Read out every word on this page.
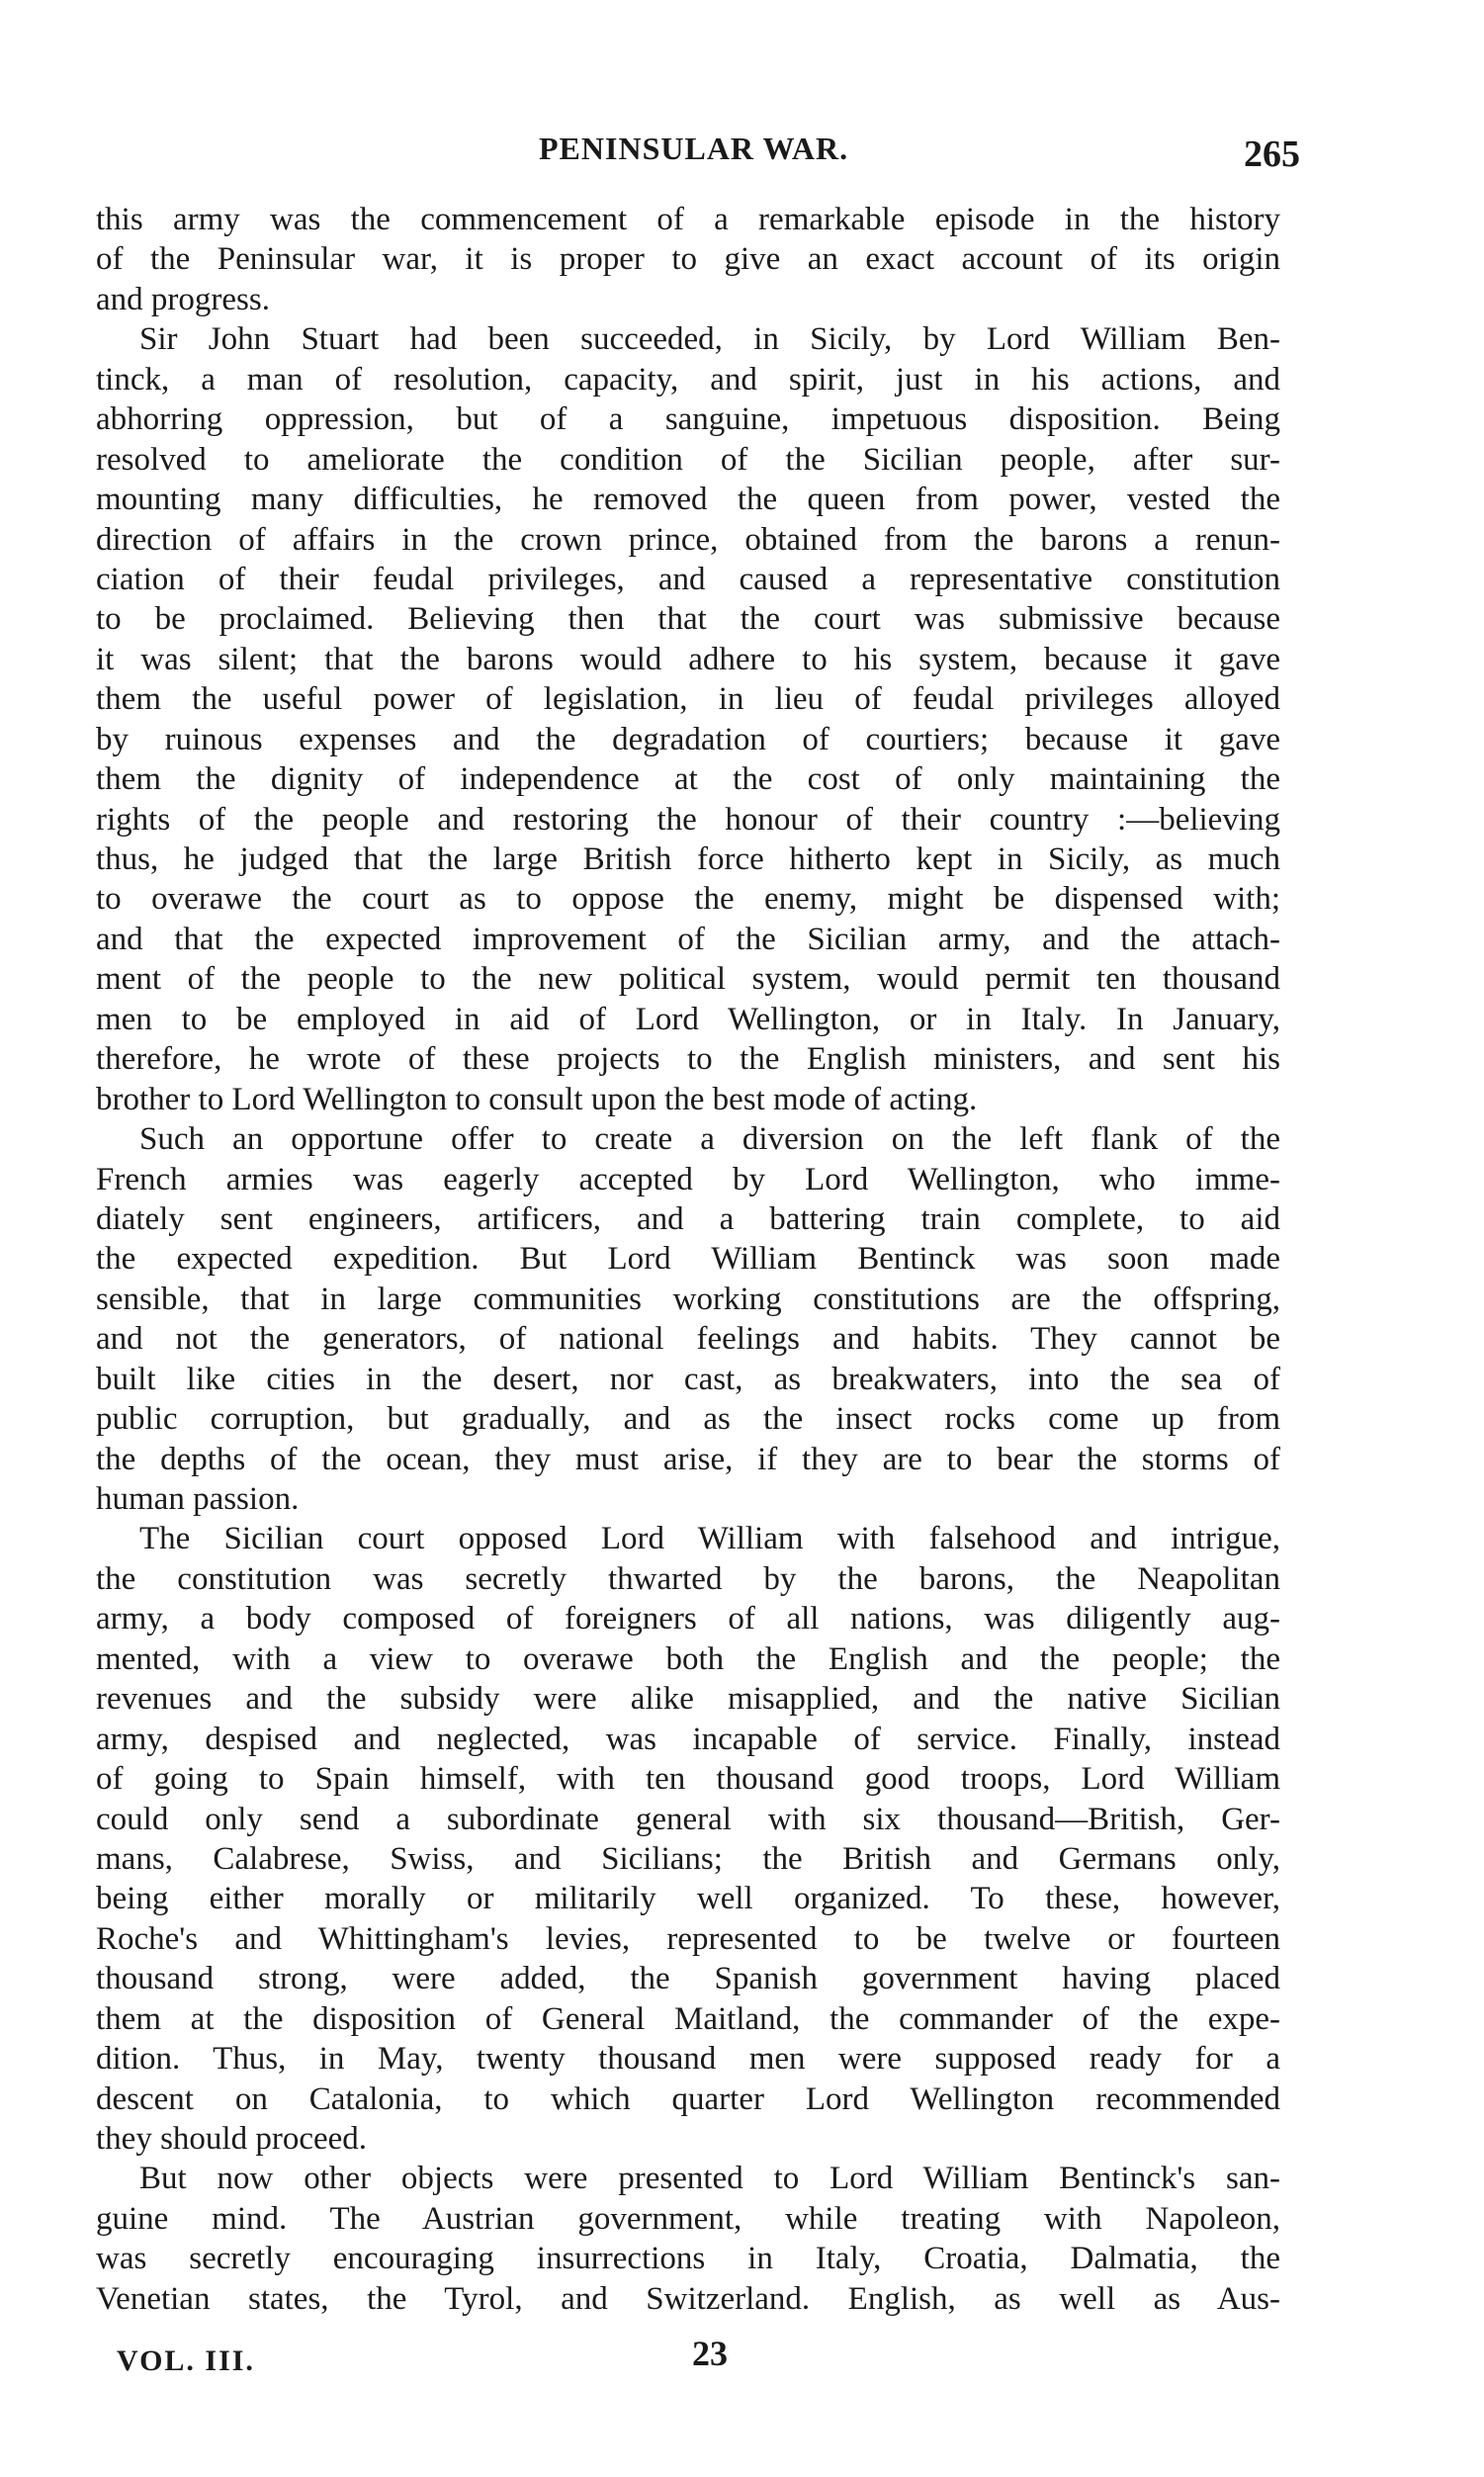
PENINSULAR WAR.	265
this army was the commencement of a remarkable episode in the history
of the Peninsular war, it is proper to give an exact account of its origin
and progress.
Sir John Stuart had been succeeded, in Sicily, by Lord William Ben-
tinck, a man of resolution, capacity, and spirit, just in his actions, and
abhorring oppression, but of a sanguine, impetuous disposition. Being
resolved to ameliorate the condition of the Sicilian people, after sur-
mounting many difficulties, he removed the queen from power, vested the
direction of affairs in the crown prince, obtained from the barons a renun-
ciation of their feudal privileges, and caused a representative constitution
to be proclaimed. Believing then that the court was submissive because
it was silent; that the barons would adhere to his system, because it gave
them the useful power of legislation, in lieu of feudal privileges alloyed
by ruinous expenses and the degradation of courtiers; because it gave
them the dignity of independence at the cost of only maintaining the
rights of the people and restoring the honour of their country :—believing
thus, he judged that the large British force hitherto kept in Sicily, as much
to overawe the court as to oppose the enemy, might be dispensed with;
and that the expected improvement of the Sicilian army, and the attach-
ment of the people to the new political system, would permit ten thousand
men to be employed in aid of Lord Wellington, or in Italy. In January,
therefore, he wrote of these projects to the English ministers, and sent his
brother to Lord Wellington to consult upon the best mode of acting.
Such an opportune offer to create a diversion on the left flank of the
French armies was eagerly accepted by Lord Wellington, who imme-
diately sent engineers, artificers, and a battering train complete, to aid
the expected expedition. But Lord William Bentinck was soon made
sensible, that in large communities working constitutions are the offspring,
and not the generators, of national feelings and habits. They cannot be
built like cities in the desert, nor cast, as breakwaters, into the sea of
public corruption, but gradually, and as the insect rocks come up from
the depths of the ocean, they must arise, if they are to bear the storms of
human passion.
The Sicilian court opposed Lord William with falsehood and intrigue,
the constitution was secretly thwarted by the barons, the Neapolitan
army, a body composed of foreigners of all nations, was diligently aug-
mented, with a view to overawe both the English and the people; the
revenues and the subsidy were alike misapplied, and the native Sicilian
army, despised and neglected, was incapable of service. Finally, instead
of going to Spain himself, with ten thousand good troops, Lord William
could only send a subordinate general with six thousand—British, Ger-
mans, Calabrese, Swiss, and Sicilians; the British and Germans only,
being either morally or militarily well organized. To these, however,
Roche's and Whittingham's levies, represented to be twelve or fourteen
thousand strong, were added, the Spanish government having placed
them at the disposition of General Maitland, the commander of the expe-
dition. Thus, in May, twenty thousand men were supposed ready for a
descent on Catalonia, to which quarter Lord Wellington recommended
they should proceed.
But now other objects were presented to Lord William Bentinck's san-
guine mind. The Austrian government, while treating with Napoleon,
was secretly encouraging insurrections in Italy, Croatia, Dalmatia, the
Venetian states, the Tyrol, and Switzerland. English, as well as Aus-
VOL. III.	23
